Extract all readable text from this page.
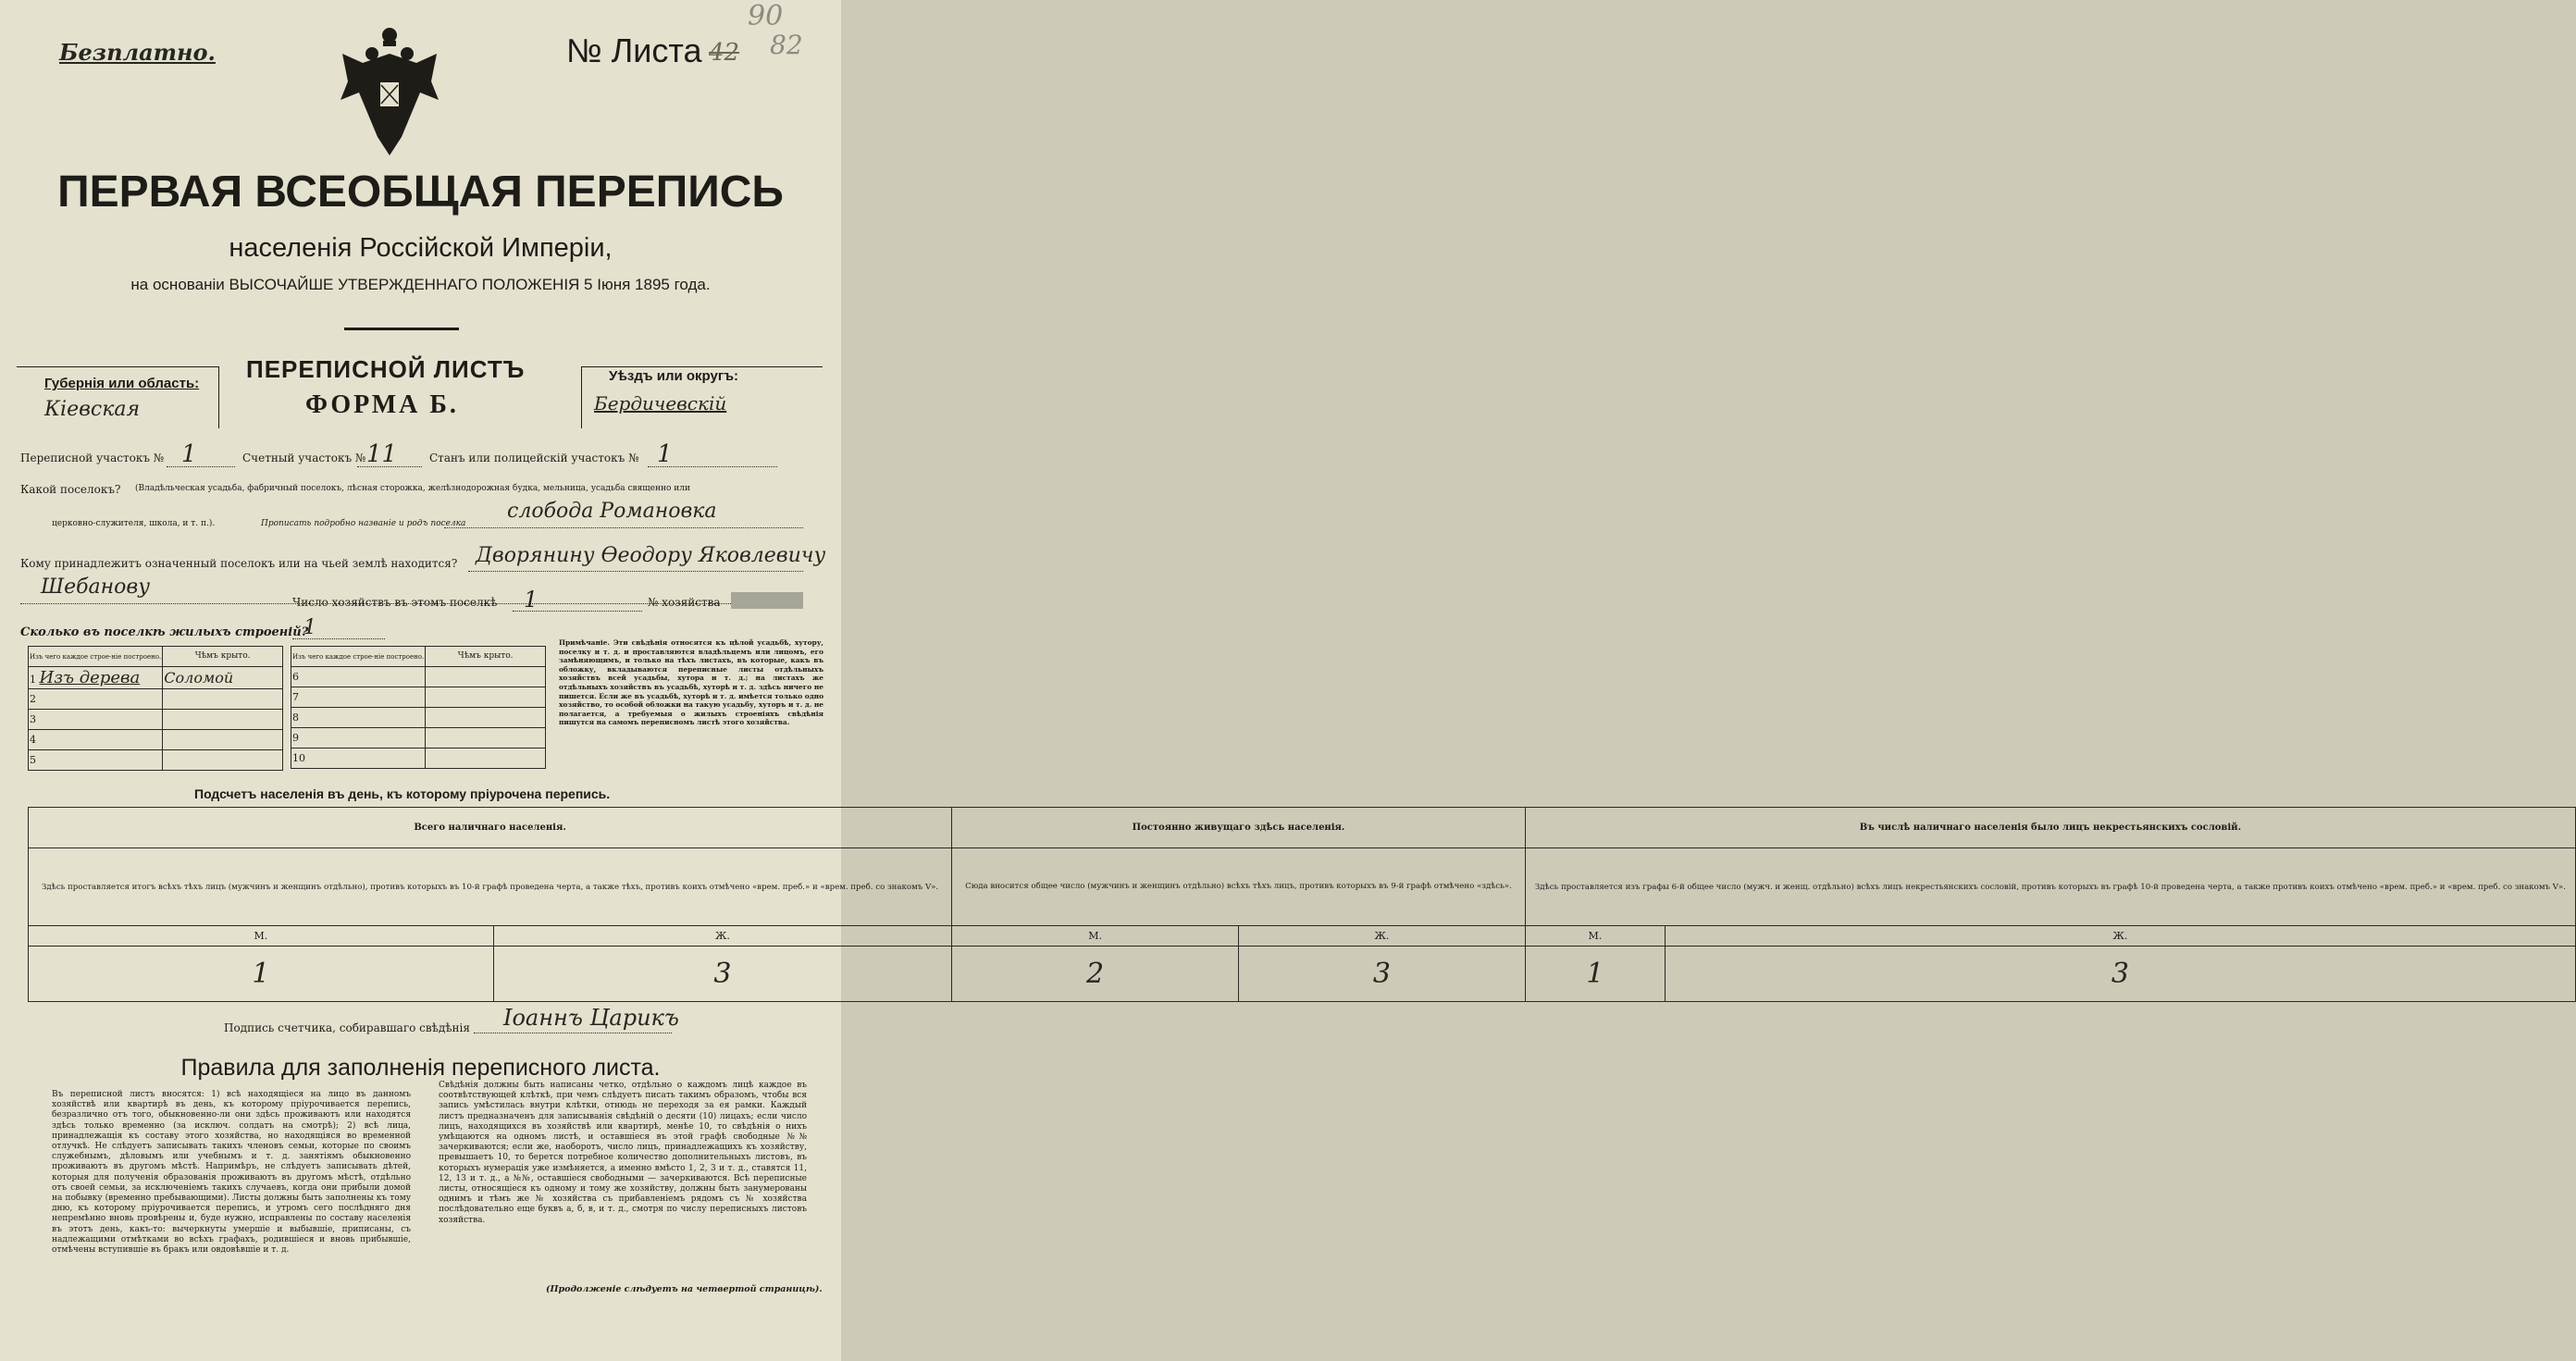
Безплатно.	№ Листа 42
90
82
ПЕРВАЯ ВСЕОБЩАЯ ПЕРЕПИСЬ
населенія Россійской Имперіи,
на основаніи ВЫСОЧАЙШЕ УТВЕРЖДЕННАГО ПОЛОЖЕНІЯ 5 Іюня 1895 года.
Губернія или область:
Кіевская
ПЕРЕПИСНОЙ ЛИСТЪ
ФОРМА Б.
Уѣздъ или округъ:
Бердичевскій
Переписной участокъ № 1	Счетный участокъ № 11	Станъ или полицейскій участокъ № 1
Какой поселокъ? (Владѣльческая усадьба, фабричный поселокъ, лѣсная сторожка, желѣзнодорожная будка, мельница, усадьба священно или
церковно-служителя, школа, и т. п.).	Прописать подробно названіе и родъ поселка
слобода Романовка
Кому принадлежитъ означенный поселокъ или на чьей землѣ находится? Дворянину Өеодору Яковлевичу
Шебанову
Число хозяйствъ въ этомъ поселкѣ 1	№ хозяйства
Сколько въ поселкѣ жилыхъ строеній?
1
Изъ чего каждое строе-ніе построено.	Чѣмъ крыто.
1 Изъ дерева	Соломой
2	
3	
4	
5	
Изъ чего каждое строе-ніе построено.	Чѣмъ крыто.
6	
7	
8	
9	
10	
Примѣчаніе. Эти свѣдѣнія относятся къ цѣлой усадьбѣ, хутору, поселку и т. д. и проставляются владѣльцемъ или лицомъ, его замѣняющимъ, и только на тѣхъ листахъ, въ которые, какъ въ обложку, вкладываются переписные листы отдѣльныхъ хозяйствъ всей усадьбы, хутора и т. д.; на листахъ же отдѣльныхъ хозяйствъ въ усадьбѣ, хуторѣ и т. д. здѣсь ничего не пишется. Если же въ усадьбѣ, хуторѣ и т. д. имѣется только одно хозяйство, то особой обложки на такую усадьбу, хуторъ и т. д. не полагается, а требуемыя о жилыхъ строеніяхъ свѣдѣнія пишутся на самомъ переписномъ листѣ этого хозяйства.
Подсчетъ населенія въ день, къ которому пріурочена перепись.
Всего наличнаго населенія.		Постоянно живущаго здѣсь населенія.		Въ числѣ наличнаго населенія было лицъ некрестьянскихъ сословій.	
Здѣсь проставляется итогъ всѣхъ тѣхъ лицъ (мужчинъ и женщинъ отдѣльно), противъ которыхъ въ 10-й графѣ проведена черта, а также тѣхъ, противъ коихъ отмѣчено «врем. преб.» и «врем. преб. со знакомъ V».		Сюда вносится общее число (мужчинъ и женщинъ отдѣльно) всѣхъ тѣхъ лицъ, противъ которыхъ въ 9-й графѣ отмѣчено «здѣсь».		Здѣсь проставляется изъ графы 6-й общее число (мужч. и женщ. отдѣльно) всѣхъ лицъ некрестьянскихъ сословій, противъ которыхъ въ графѣ 10-й проведена черта, а также противъ коихъ отмѣчено «врем. преб.» и «врем. преб. со знакомъ V».	
М.	Ж.	М.	Ж.	М.	Ж.
1	3	2	3	1	3
Подпись счетчика, собиравшаго свѣдѣнія Іоаннъ Царикъ
Правила для заполненія переписного листа.
Въ переписной листъ вносятся: 1) всѣ находящіеся на лицо въ данномъ хозяйствѣ или квартирѣ въ день, къ которому пріурочивается перепись, безразлично отъ того, обыкновенно-ли они здѣсь проживаютъ или находятся здѣсь только временно (за исключ. солдатъ на смотрѣ); 2) всѣ лица, принадлежащія къ составу этого хозяйства, но находящіяся во временной отлучкѣ. Не слѣдуетъ записывать такихъ членовъ семьи, которые по своимъ служебнымъ, дѣловымъ или учебнымъ и т. д. занятіямъ обыкновенно проживаютъ въ другомъ мѣстѣ. Напримѣръ, не слѣдуетъ записывать дѣтей, которыя для полученія образованія проживаютъ въ другомъ мѣстѣ, отдѣльно отъ своей семьи, за исключеніемъ такихъ случаевъ, когда они прибыли домой на побывку (временно пребывающими). Листы должны быть заполнены къ тому дню, къ которому пріурочивается перепись, и утромъ сего послѣдняго дня непремѣнно вновь провѣрены и, буде нужно, исправлены по составу населенія въ этотъ день, какъ-то: вычеркнуты умершіе и выбывшіе, приписаны, съ надлежащими отмѣтками во всѣхъ графахъ, родившіеся и вновь прибывшіе, отмѣчены вступившіе въ бракъ или овдовѣвшіе и т. д.
Свѣдѣнія должны быть написаны четко, отдѣльно о каждомъ лицѣ каждое въ соотвѣтствующей клѣткѣ, при чемъ слѣдуетъ писать такимъ образомъ, чтобы вся запись умѣстилась внутри клѣтки, отнюдь не переходя за ея рамки. Каждый листъ предназначенъ для записыванія свѣдѣній о десяти (10) лицахъ; если число лицъ, находящихся въ хозяйствѣ или квартирѣ, менѣе 10, то свѣдѣнія о нихъ умѣщаются на одномъ листѣ, и оставшіеся въ этой графѣ свободные №№ зачеркиваются; если же, наоборотъ, число лицъ, принадлежащихъ къ хозяйству, превышаетъ 10, то берется потребное количество дополнительныхъ листовъ, въ которыхъ нумерація уже измѣняется, а именно вмѣсто 1, 2, 3 и т. д., ставятся 11, 12, 13 и т. д., а №№, оставшіеся свободными — зачеркиваются. Всѣ переписные листы, относящіеся къ одному и тому же хозяйству, должны быть занумерованы однимъ и тѣмъ же № хозяйства съ прибавленіемъ рядомъ съ № хозяйства послѣдовательно еще буквъ а, б, в, и т. д., смотря по числу переписныхъ листовъ хозяйства.
(Продолженіе слѣдуетъ на четвертой страницѣ).
